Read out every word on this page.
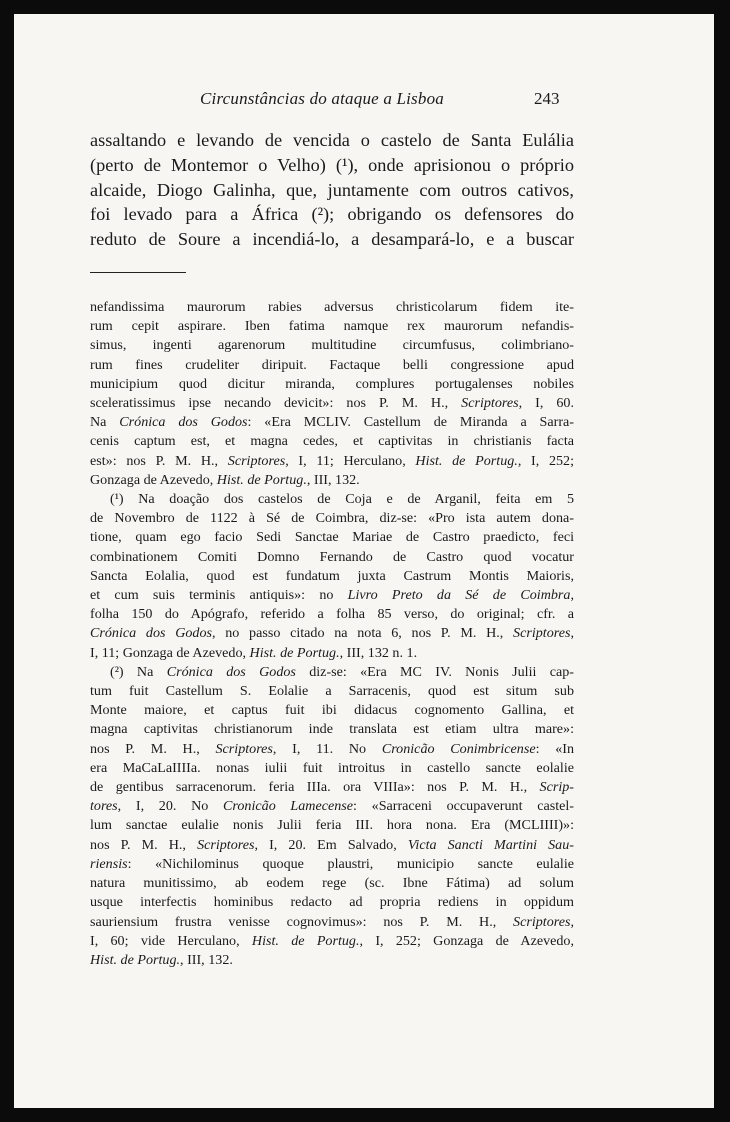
Circunstâncias do ataque a Lisboa	243
assaltando e levando de vencida o castelo de Santa Eulália
(perto de Montemor o Velho) (¹), onde aprisionou o próprio
alcaide, Diogo Galinha, que, juntamente com outros cativos,
foi levado para a África (²); obrigando os defensores do
reduto de Soure a incendiá-lo, a desampará-lo, e a buscar
nefandissima maurorum rabies adversus christicolarum fidem ite-
rum cepit aspirare. Iben fatima namque rex maurorum nefandis-
simus, ingenti agarenorum multitudine circumfusus, colimbriano-
rum fines crudeliter diripuit. Factaque belli congressione apud
municipium quod dicitur miranda, complures portugalenses nobiles
sceleratissimus ipse necando devicit»: nos P. M. H., Scriptores, I, 60.
Na Crónica dos Godos: «Era MCLIV. Castellum de Miranda a Sarra-
cenis captum est, et magna cedes, et captivitas in christianis facta
est»: nos P. M. H., Scriptores, I, 11; Herculano, Hist. de Portug., I, 252;
Gonzaga de Azevedo, Hist. de Portug., III, 132.
(¹) Na doação dos castelos de Coja e de Arganil, feita em 5
de Novembro de 1122 à Sé de Coimbra, diz-se: «Pro ista autem dona-
tione, quam ego facio Sedi Sanctae Mariae de Castro praedicto, feci
combinationem Comiti Domno Fernando de Castro quod vocatur
Sancta Eolalia, quod est fundatum juxta Castrum Montis Maioris,
et cum suis terminis antiquis»: no Livro Preto da Sé de Coimbra,
folha 150 do Apógrafo, referido a folha 85 verso, do original; cfr. a
Crónica dos Godos, no passo citado na nota 6, nos P. M. H., Scriptores,
I, 11; Gonzaga de Azevedo, Hist. de Portug., III, 132 n. 1.
(²) Na Crónica dos Godos diz-se: «Era MC IV. Nonis Julii cap-
tum fuit Castellum S. Eolalie a Sarracenis, quod est situm sub
Monte maiore, et captus fuit ibi didacus cognomento Gallina, et
magna captivitas christianorum inde translata est etiam ultra mare»:
nos P. M. H., Scriptores, I, 11. No Cronicão Conimbricense: «In
era MaCaLaIIIIa. nonas iulii fuit introitus in castello sancte eolalie
de gentibus sarracenorum. feria IIIa. ora VIIIa»: nos P. M. H., Scrip-
tores, I, 20. No Cronicão Lamecense: «Sarraceni occupaverunt castel-
lum sanctae eulalie nonis Julii feria III. hora nona. Era (MCLIIII)»:
nos P. M. H., Scriptores, I, 20. Em Salvado, Victa Sancti Martini Sau-
riensis: «Nichilominus quoque plaustri, municipio sancte eulalie
natura munitissimo, ab eodem rege (sc. Ibne Fátima) ad solum
usque interfectis hominibus redacto ad propria rediens in oppidum
sauriensium frustra venisse cognovimus»: nos P. M. H., Scriptores,
I, 60; vide Herculano, Hist. de Portug., I, 252; Gonzaga de Azevedo,
Hist. de Portug., III, 132.
